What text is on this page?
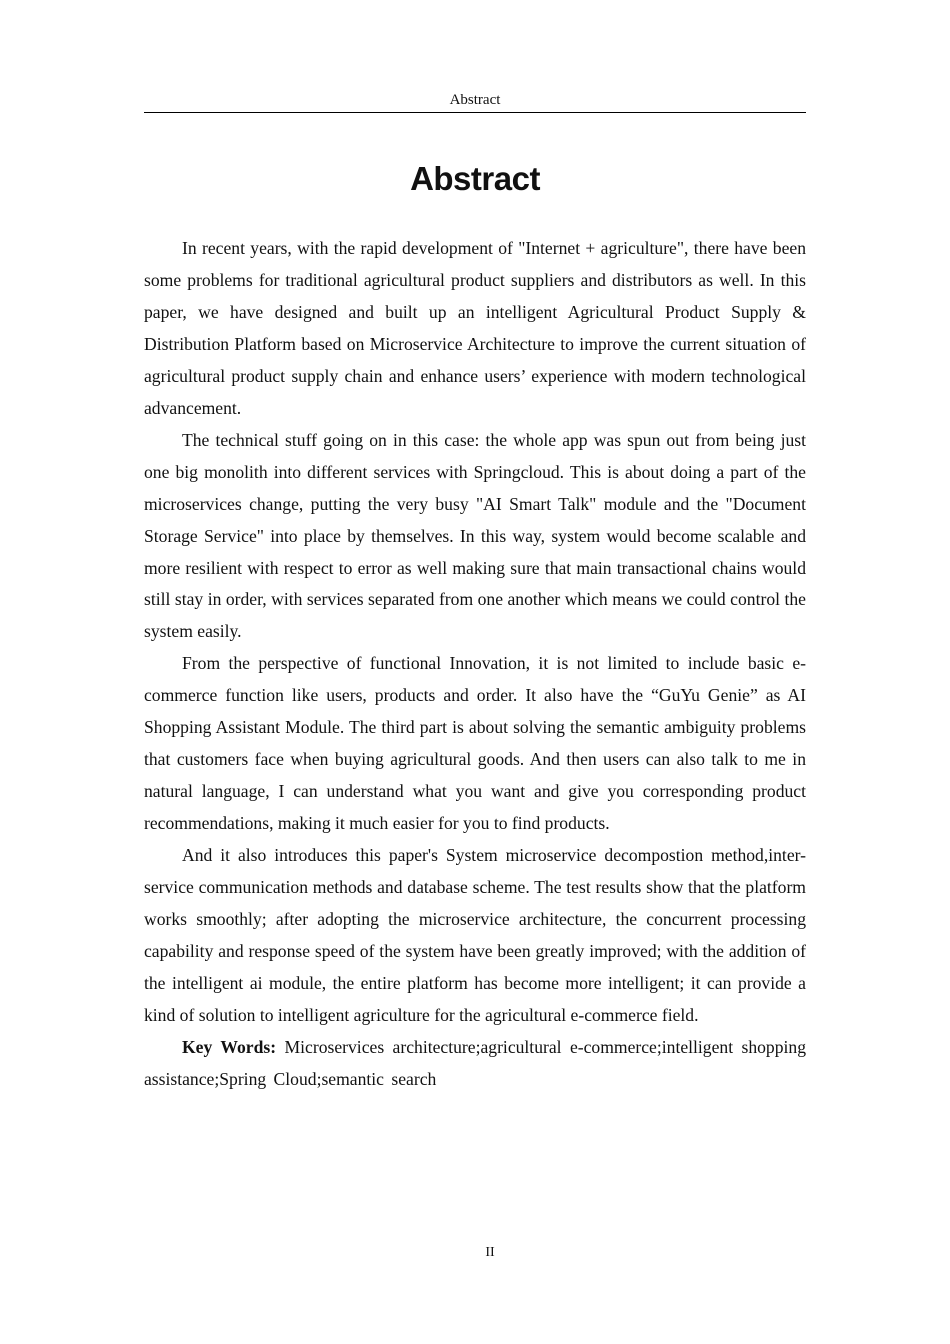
Abstract
Abstract

In recent years, with the rapid development of "Internet + agriculture", there have been some problems for traditional agricultural product suppliers and distributors as well. In this paper, we have designed and built up an intelligent Agricultural Product Supply & Distribution Platform based on Microservice Architecture to improve the current situation of agricultural product supply chain and enhance users’ experience with modern technological advancement.

The technical stuff going on in this case: the whole app was spun out from being just one big monolith into different services with Springcloud. This is about doing a part of the microservices change, putting the very busy "AI Smart Talk" module and the "Document Storage Service" into place by themselves. In this way, system would become scalable and more resilient with respect to error as well making sure that main transactional chains would still stay in order, with services separated from one another which means we could control the system easily.

From the perspective of functional Innovation, it is not limited to include basic e-commerce function like users, products and order. It also have the “GuYu Genie” as AI Shopping Assistant Module. The third part is about solving the semantic ambiguity problems that customers face when buying agricultural goods. And then users can also talk to me in natural language, I can understand what you want and give you corresponding product recommendations, making it much easier for you to find products.

And it also introduces this paper's System microservice decompostion method,inter-service communication methods and database scheme. The test results show that the platform works smoothly; after adopting the microservice architecture, the concurrent processing capability and response speed of the system have been greatly improved; with the addition of the intelligent ai module, the entire platform has become more intelligent; it can provide a kind of solution to intelligent agriculture for the agricultural e-commerce field.

Key Words: Microservices architecture;agricultural e-commerce;intelligent shopping assistance;Spring Cloud;semantic search

II
